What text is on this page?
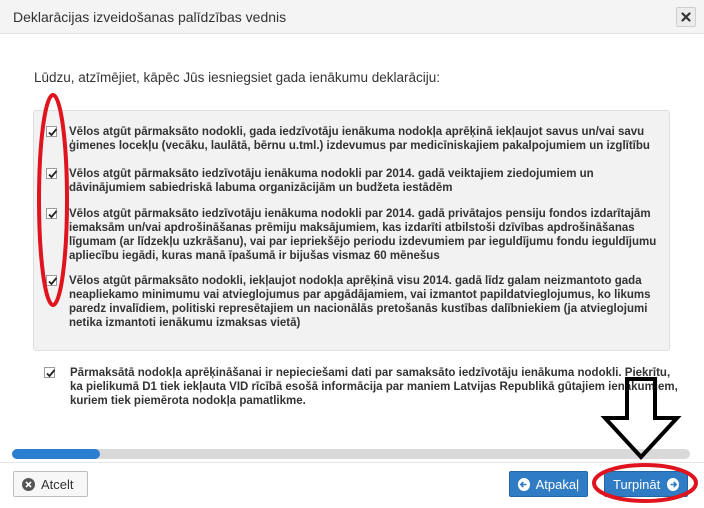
Deklarācijas izveidošanas palīdzības vednis
Lūdzu, atzīmējiet, kāpēc Jūs iesniegsiet gada ienākumu deklarāciju:
Vēlos atgūt pārmaksāto nodokli, gada iedzīvotāju ienākuma nodokļa aprēķinā iekļaujot savus un/vai savu ģimenes locekļu (vecāku, laulātā, bērnu u.tml.) izdevumus par medicīniskajiem pakalpojumiem un izglītību
Vēlos atgūt pārmaksāto iedzīvotāju ienākuma nodokli par 2014. gadā veiktajiem ziedojumiem un dāvinājumiem sabiedriskā labuma organizācijām un budžeta iestādēm
Vēlos atgūt pārmaksāto iedzīvotāju ienākuma nodokli par 2014. gadā privātajos pensiju fondos izdarītajām iemaksām un/vai apdrošināšanas prēmiju maksājumiem, kas izdarīti atbilstoši dzīvības apdrošināšanas līgumam (ar līdzekļu uzkrāšanu), vai par iepriekšējo periodu izdevumiem par ieguldījumu fondu ieguldījumu apliecību iegādi, kuras manā īpašumā ir bijušas vismaz 60 mēnešus
Vēlos atgūt pārmaksāto nodokli, iekļaujot nodokļa aprēķinā visu 2014. gadā līdz galam neizmantoto gada neapliekamo minimumu vai atvieglojumus par apgādājamiem, vai izmantot papildatvieglojumus, ko likums paredz invalīdiem, politiski represētajiem un nacionālās pretošanās kustības dalībniekiem (ja atvieglojumi netika izmantoti ienākumu izmaksas vietā)
Pārmaksātā nodokļa aprēķināšanai ir nepieciešami dati par samaksāto iedzīvotāju ienākuma nodokli. Piekrītu, ka pielikumā D1 tiek iekļauta VID rīcībā esošā informācija par maniem Latvijas Republikā gūtajiem ienākumiem, kuriem tiek piemērota nodokļa pamatlikme.
Atcelt	Atpakaļ	Turpināt
